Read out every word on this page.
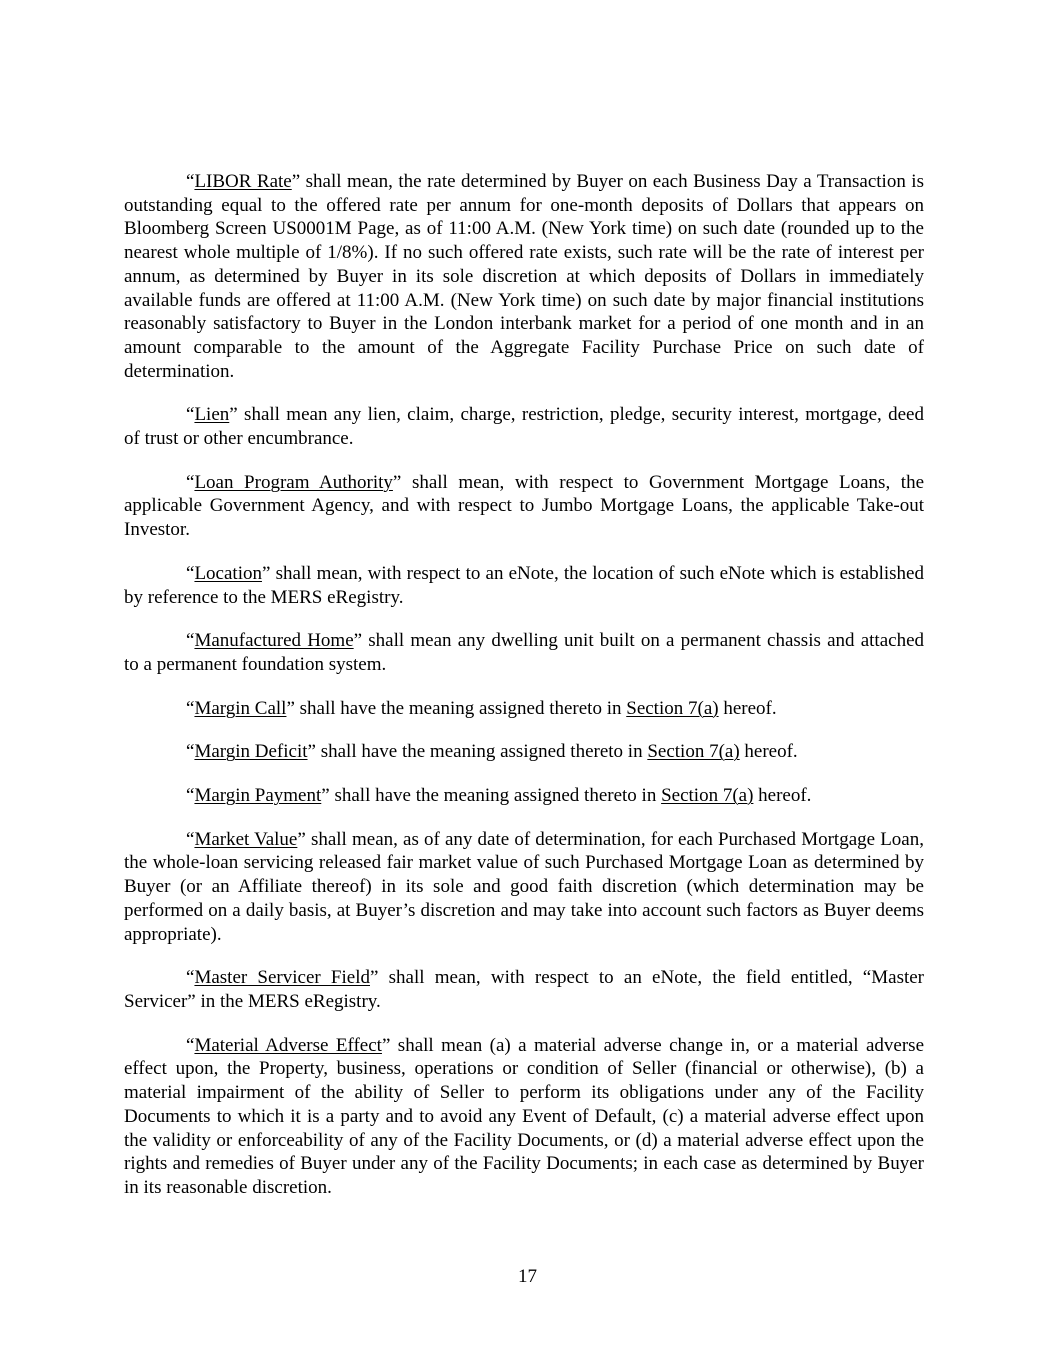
“LIBOR Rate” shall mean, the rate determined by Buyer on each Business Day a Transaction is outstanding equal to the offered rate per annum for one-month deposits of Dollars that appears on Bloomberg Screen US0001M Page, as of 11:00 A.M. (New York time) on such date (rounded up to the nearest whole multiple of 1/8%). If no such offered rate exists, such rate will be the rate of interest per annum, as determined by Buyer in its sole discretion at which deposits of Dollars in immediately available funds are offered at 11:00 A.M. (New York time) on such date by major financial institutions reasonably satisfactory to Buyer in the London interbank market for a period of one month and in an amount comparable to the amount of the Aggregate Facility Purchase Price on such date of determination.

“Lien” shall mean any lien, claim, charge, restriction, pledge, security interest, mortgage, deed of trust or other encumbrance.

“Loan Program Authority” shall mean, with respect to Government Mortgage Loans, the applicable Government Agency, and with respect to Jumbo Mortgage Loans, the applicable Take-out Investor.

“Location” shall mean, with respect to an eNote, the location of such eNote which is established by reference to the MERS eRegistry.

“Manufactured Home” shall mean any dwelling unit built on a permanent chassis and attached to a permanent foundation system.

“Margin Call” shall have the meaning assigned thereto in Section 7(a) hereof.

“Margin Deficit” shall have the meaning assigned thereto in Section 7(a) hereof.

“Margin Payment” shall have the meaning assigned thereto in Section 7(a) hereof.

“Market Value” shall mean, as of any date of determination, for each Purchased Mortgage Loan, the whole-loan servicing released fair market value of such Purchased Mortgage Loan as determined by Buyer (or an Affiliate thereof) in its sole and good faith discretion (which determination may be performed on a daily basis, at Buyer’s discretion and may take into account such factors as Buyer deems appropriate).

“Master Servicer Field” shall mean, with respect to an eNote, the field entitled, “Master Servicer” in the MERS eRegistry.

“Material Adverse Effect” shall mean (a) a material adverse change in, or a material adverse effect upon, the Property, business, operations or condition of Seller (financial or otherwise), (b) a material impairment of the ability of Seller to perform its obligations under any of the Facility Documents to which it is a party and to avoid any Event of Default, (c) a material adverse effect upon the validity or enforceability of any of the Facility Documents, or (d) a material adverse effect upon the rights and remedies of Buyer under any of the Facility Documents; in each case as determined by Buyer in its reasonable discretion.

17
